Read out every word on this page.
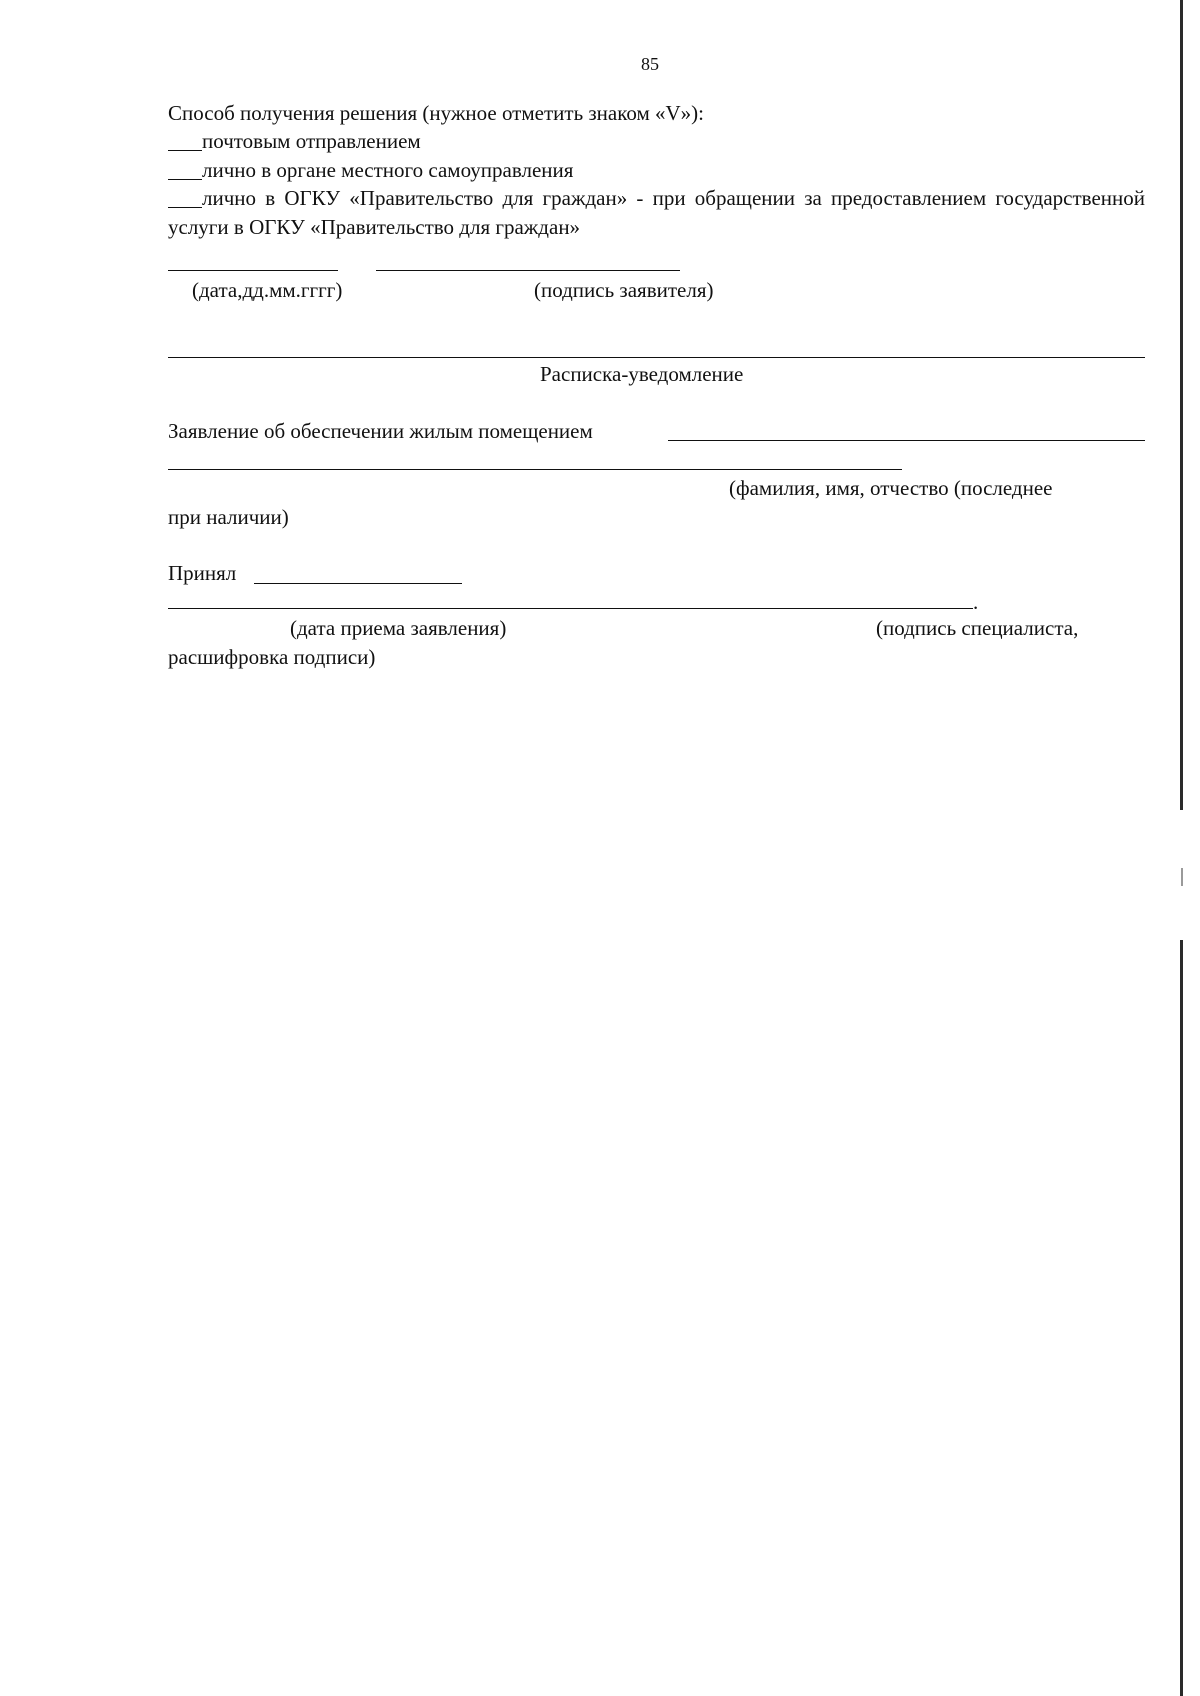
85
Способ получения решения (нужное отметить знаком «V»):
почтовым отправлением
лично в органе местного самоуправления
лично в ОГКУ «Правительство для граждан» - при обращении за предоставлением государственной услуги в ОГКУ «Правительство для граждан»
(дата,дд.мм.гггг)	(подпись заявителя)
Расписка-уведомление
Заявление об обеспечении жилым помещением
(фамилия, имя, отчество (последнее
при наличии)
Принял
.
(дата приема заявления)	(подпись специалиста,
расшифровка подписи)
